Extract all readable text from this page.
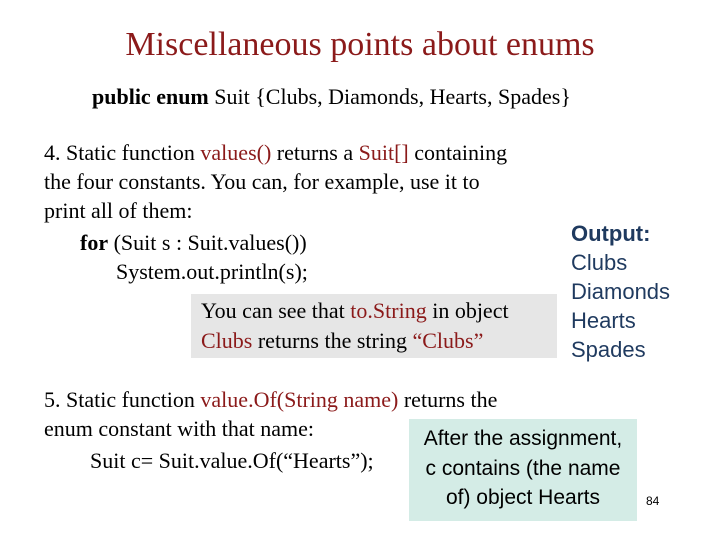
Miscellaneous points about enums
public enum Suit {Clubs, Diamonds, Hearts, Spades}
4. Static function values() returns a Suit[] containing
the four constants. You can, for example, use it to
print all of them:
for (Suit s : Suit.values())
System.out.println(s);
You can see that to.String in object
Clubs returns the string “Clubs”
Output:
Clubs
Diamonds
Hearts
Spades
5. Static function value.Of(String name) returns the
enum constant with that name:
Suit c= Suit.value.Of(“Hearts”);
After the assignment,
c contains (the name
of) object Hearts	84
